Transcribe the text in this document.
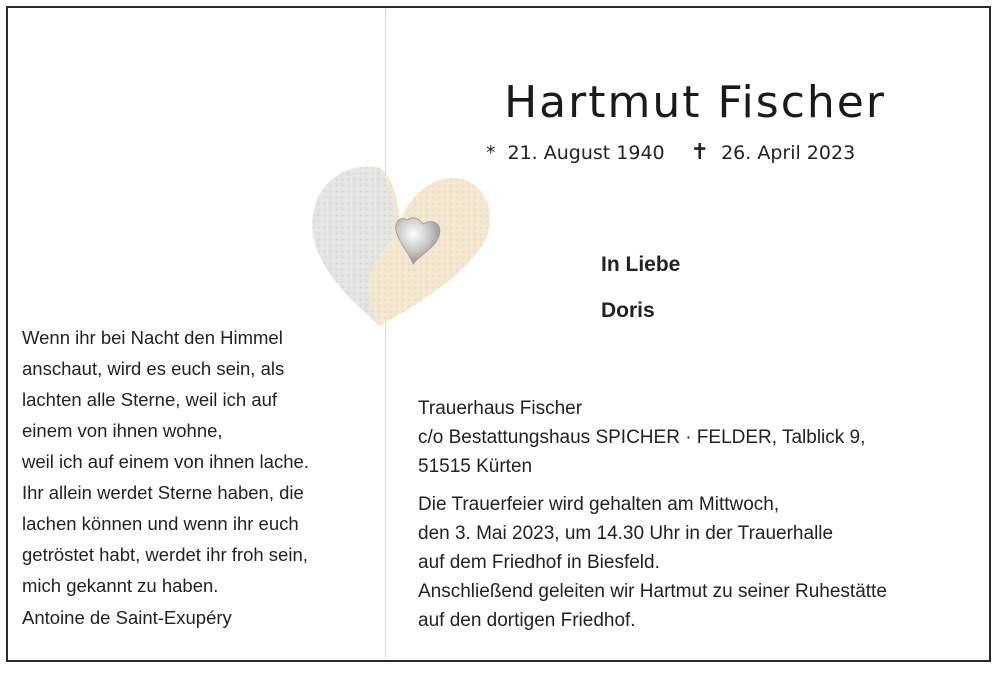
Hartmut Fischer
* 21. August 1940 ✝ 26. April 2023
In Liebe
Doris
Wenn ihr bei Nacht den Himmel
anschaut, wird es euch sein, als
lachten alle Sterne, weil ich auf
einem von ihnen wohne,
weil ich auf einem von ihnen lache.
Ihr allein werdet Sterne haben, die
lachen können und wenn ihr euch
getröstet habt, werdet ihr froh sein,
mich gekannt zu haben.
Antoine de Saint-Exupéry
Trauerhaus Fischer
c/o Bestattungshaus SPICHER · FELDER, Talblick 9,
51515 Kürten
Die Trauerfeier wird gehalten am Mittwoch,
den 3. Mai 2023, um 14.30 Uhr in der Trauerhalle
auf dem Friedhof in Biesfeld.
Anschließend geleiten wir Hartmut zu seiner Ruhestätte
auf den dortigen Friedhof.
